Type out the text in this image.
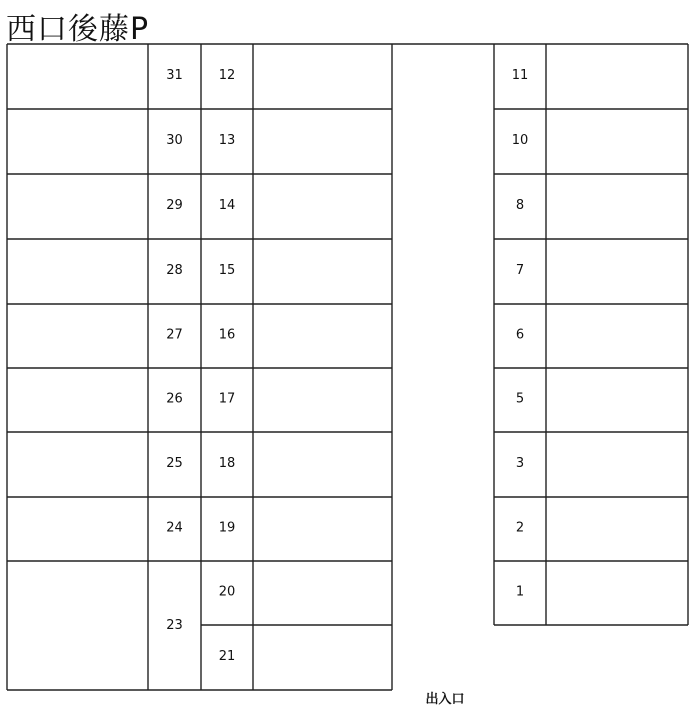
西口後藤P
31
30
29
28
27
26
25
24
23
12
13
14
15
16
17
18
19
20
21
11
10
8
7
6
5
3
2
1
出入口
